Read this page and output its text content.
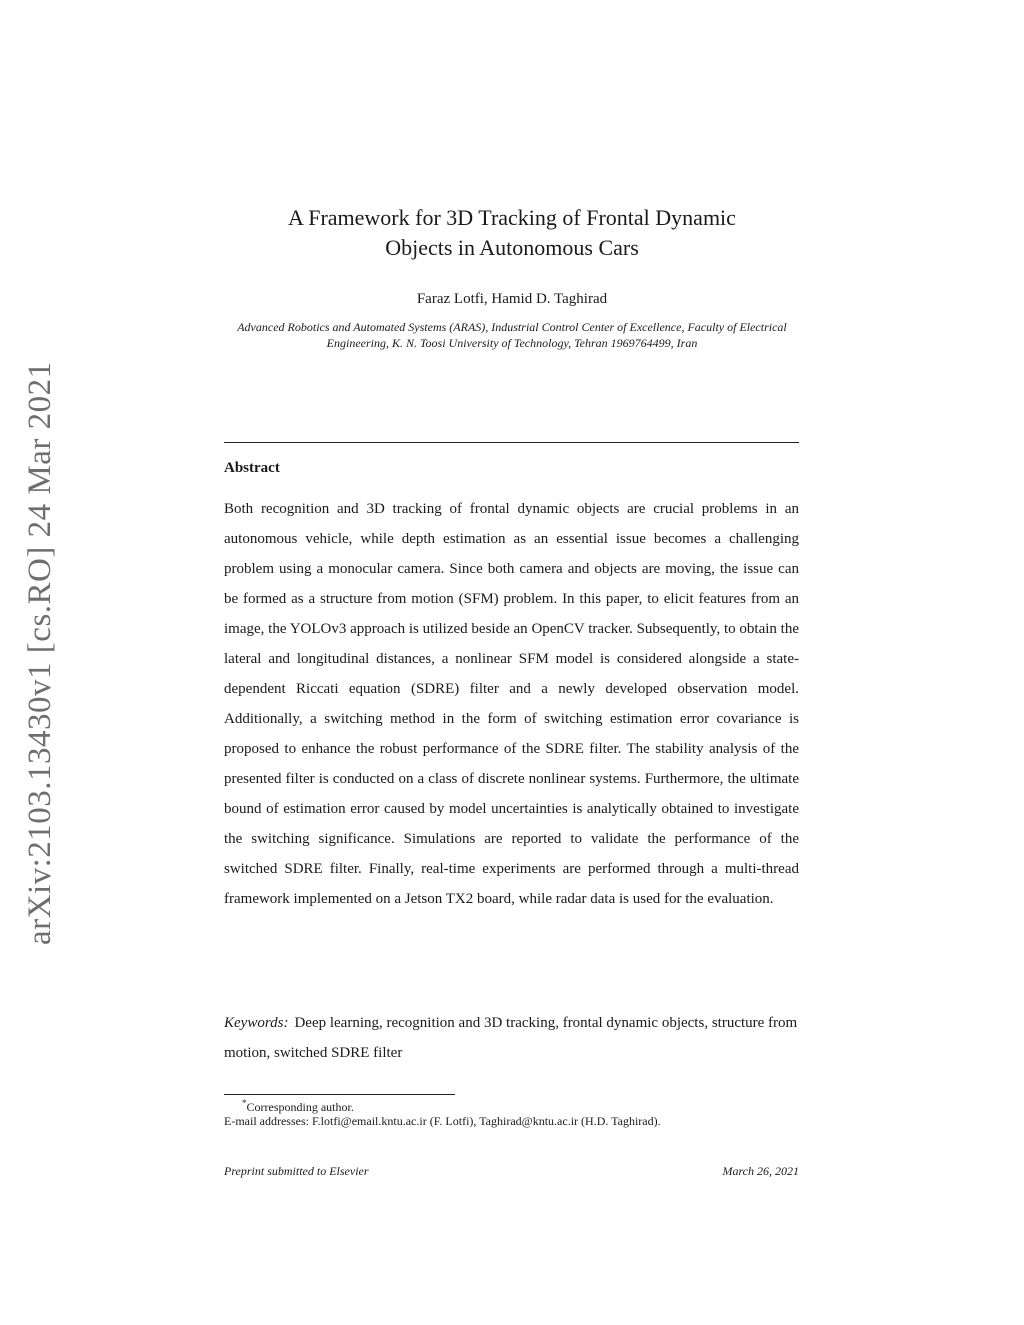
arXiv:2103.13430v1 [cs.RO] 24 Mar 2021
A Framework for 3D Tracking of Frontal Dynamic
Objects in Autonomous Cars
Faraz Lotfi, Hamid D. Taghirad
Advanced Robotics and Automated Systems (ARAS), Industrial Control Center of Excellence, Faculty of Electrical Engineering, K. N. Toosi University of Technology, Tehran 1969764499, Iran
Abstract
Both recognition and 3D tracking of frontal dynamic objects are crucial problems in an autonomous vehicle, while depth estimation as an essential issue becomes a challenging problem using a monocular camera. Since both camera and objects are moving, the issue can be formed as a structure from motion (SFM) problem. In this paper, to elicit features from an image, the YOLOv3 approach is utilized beside an OpenCV tracker. Subsequently, to obtain the lateral and longitudinal distances, a nonlinear SFM model is considered alongside a state-dependent Riccati equation (SDRE) filter and a newly developed observation model. Additionally, a switching method in the form of switching estimation error covariance is proposed to enhance the robust performance of the SDRE filter. The stability analysis of the presented filter is conducted on a class of discrete nonlinear systems. Furthermore, the ultimate bound of estimation error caused by model uncertainties is analytically obtained to investigate the switching significance. Simulations are reported to validate the performance of the switched SDRE filter. Finally, real-time experiments are performed through a multi-thread framework implemented on a Jetson TX2 board, while radar data is used for the evaluation.
Keywords: Deep learning, recognition and 3D tracking, frontal dynamic objects, structure from motion, switched SDRE filter
*Corresponding author.
E-mail addresses: F.lotfi@email.kntu.ac.ir (F. Lotfi), Taghirad@kntu.ac.ir (H.D. Taghirad).
Preprint submitted to Elsevier	March 26, 2021
